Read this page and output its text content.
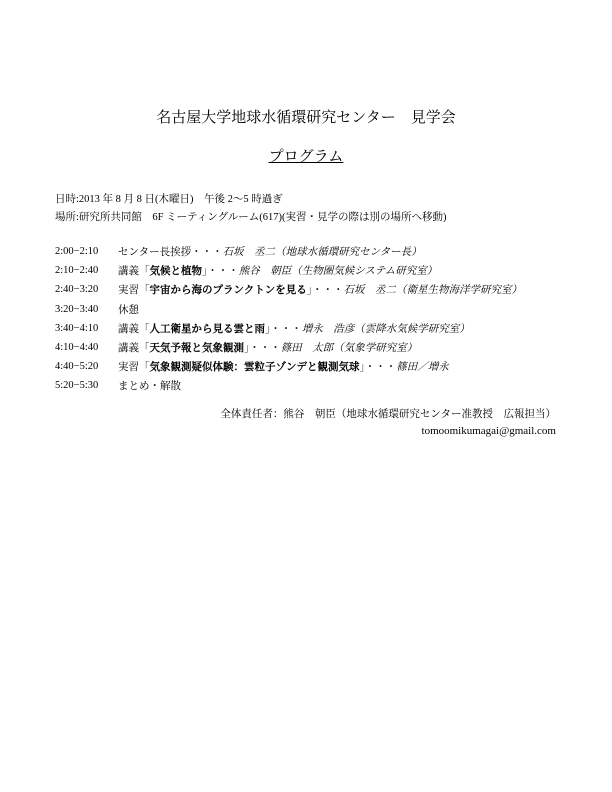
名古屋大学地球水循環研究センター　見学会
プログラム
日時:2013 年 8 月 8 日(木曜日)　午後 2～5 時過ぎ
場所:研究所共同館　6F ミーティングルーム(617)(実習・見学の際は別の場所へ移動)
2:00−2:10	センター長挨拶・・・石坂　丞二（地球水循環研究センター長）
2:10−2:40	講義「気候と植物」・・・熊谷　朝臣（生物圏気候システム研究室）
2:40−3:20	実習「宇宙から海のプランクトンを見る」・・・石坂　丞二（衛星生物海洋学研究室）
3:20−3:40	休憩
3:40−4:10	講義「人工衛星から見る雲と雨」・・・増永　浩彦（雲降水気候学研究室）
4:10−4:40	講義「天気予報と気象観測」・・・篠田　太郎（気象学研究室）
4:40−5:20	実習「気象観測疑似体験：雲粒子ゾンデと観測気球」・・・篠田／増永
5:20−5:30	まとめ・解散
全体責任者：熊谷　朝臣（地球水循環研究センター准教授　広報担当）
tomoomikumagai@gmail.com
